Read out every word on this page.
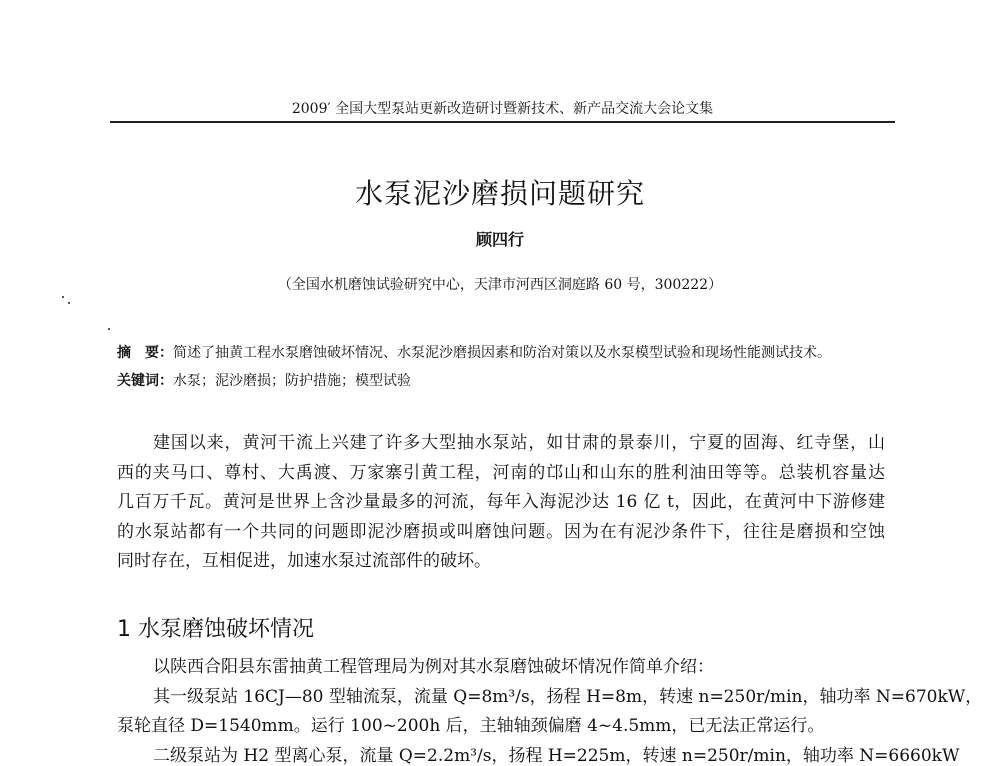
2009′ 全国大型泵站更新改造研讨暨新技术、新产品交流大会论文集
水泵泥沙磨损问题研究
顾四行
（全国水机磨蚀试验研究中心，天津市河西区洞庭路 60 号，300222）
摘　要：简述了抽黄工程水泵磨蚀破坏情况、水泵泥沙磨损因素和防治对策以及水泵模型试验和现场性能测试技术。
关键词：水泵；泥沙磨损；防护措施；模型试验
建国以来，黄河干流上兴建了许多大型抽水泵站，如甘肃的景泰川，宁夏的固海、红寺堡，山
西的夹马口、尊村、大禹渡、万家寨引黄工程，河南的邙山和山东的胜利油田等等。总装机容量达
几百万千瓦。黄河是世界上含沙量最多的河流，每年入海泥沙达 16 亿 t，因此，在黄河中下游修建
的水泵站都有一个共同的问题即泥沙磨损或叫磨蚀问题。因为在有泥沙条件下，往往是磨损和空蚀
同时存在，互相促进，加速水泵过流部件的破坏。
1 水泵磨蚀破坏情况
以陕西合阳县东雷抽黄工程管理局为例对其水泵磨蚀破坏情况作简单介绍：
其一级泵站 16CJ—80 型轴流泵，流量 Q=8m³/s，扬程 H=8m，转速 n=250r/min，轴功率 N=670kW，
泵轮直径 D=1540mm。运行 100~200h 后，主轴轴颈偏磨 4~4.5mm，已无法正常运行。
二级泵站为 H2 型离心泵，流量 Q=2.2m³/s，扬程 H=225m，转速 n=250r/min，轴功率 N=6660kW
